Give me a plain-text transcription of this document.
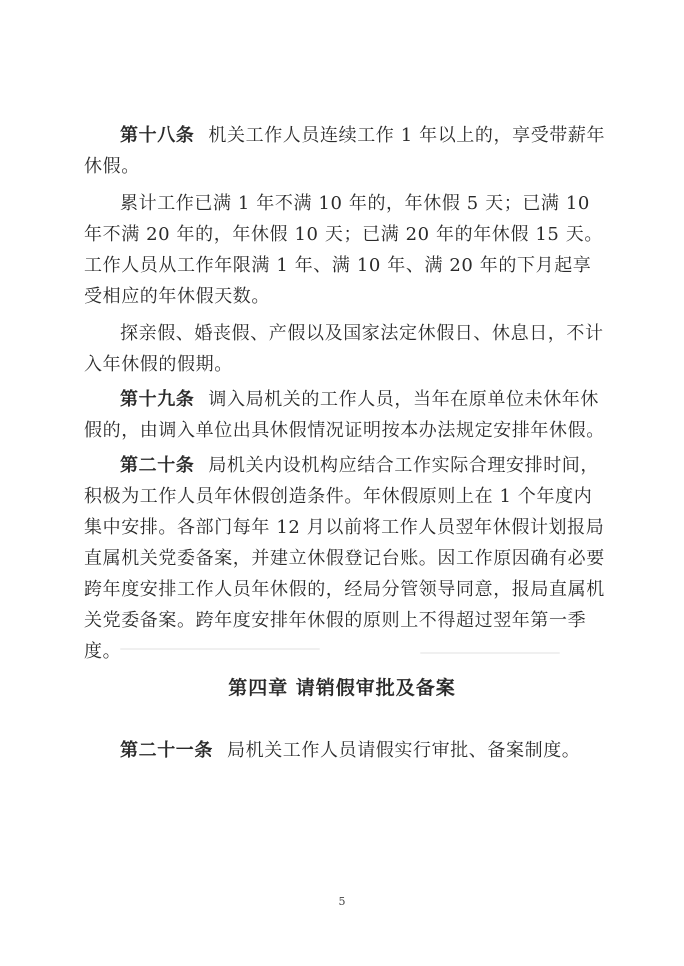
第十八条 机关工作人员连续工作 1 年以上的，享受带薪年休假。

累计工作已满 1 年不满 10 年的，年休假 5 天；已满 10 年不满 20 年的，年休假 10 天；已满 20 年的年休假 15 天。工作人员从工作年限满 1 年、满 10 年、满 20 年的下月起享受相应的年休假天数。

探亲假、婚丧假、产假以及国家法定休假日、休息日，不计入年休假的假期。

第十九条 调入局机关的工作人员，当年在原单位未休年休假的，由调入单位出具休假情况证明按本办法规定安排年休假。

第二十条 局机关内设机构应结合工作实际合理安排时间，积极为工作人员年休假创造条件。年休假原则上在 1 个年度内集中安排。各部门每年 12 月以前将工作人员翌年休假计划报局直属机关党委备案，并建立休假登记台账。因工作原因确有必要跨年度安排工作人员年休假的，经局分管领导同意，报局直属机关党委备案。跨年度安排年休假的原则上不得超过翌年第一季度。

第四章 请销假审批及备案

第二十一条 局机关工作人员请假实行审批、备案制度。

5
